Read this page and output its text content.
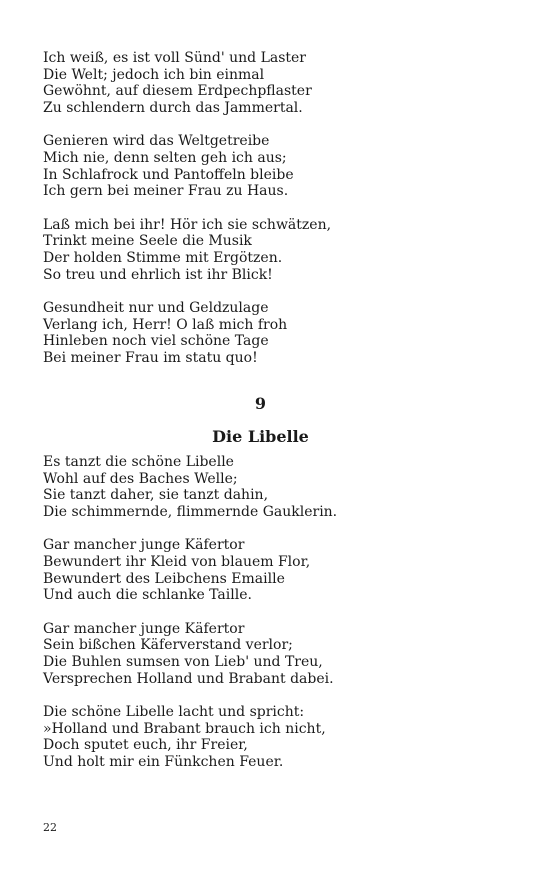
Ich weiß, es ist voll Sünd' und Laster
Die Welt; jedoch ich bin einmal
Gewöhnt, auf diesem Erdpechpflaster
Zu schlendern durch das Jammertal.
Genieren wird das Weltgetreibe
Mich nie, denn selten geh ich aus;
In Schlafrock und Pantoffeln bleibe
Ich gern bei meiner Frau zu Haus.
Laß mich bei ihr! Hör ich sie schwätzen,
Trinkt meine Seele die Musik
Der holden Stimme mit Ergötzen.
So treu und ehrlich ist ihr Blick!
Gesundheit nur und Geldzulage
Verlang ich, Herr! O laß mich froh
Hinleben noch viel schöne Tage
Bei meiner Frau im statu quo!
9
Die Libelle
Es tanzt die schöne Libelle
Wohl auf des Baches Welle;
Sie tanzt daher, sie tanzt dahin,
Die schimmernde, flimmernde Gauklerin.
Gar mancher junge Käfertor
Bewundert ihr Kleid von blauem Flor,
Bewundert des Leibchens Emaille
Und auch die schlanke Taille.
Gar mancher junge Käfertor
Sein bißchen Käferverstand verlor;
Die Buhlen sumsen von Lieb' und Treu,
Versprechen Holland und Brabant dabei.
Die schöne Libelle lacht und spricht:
»Holland und Brabant brauch ich nicht,
Doch sputet euch, ihr Freier,
Und holt mir ein Fünkchen Feuer.
22
